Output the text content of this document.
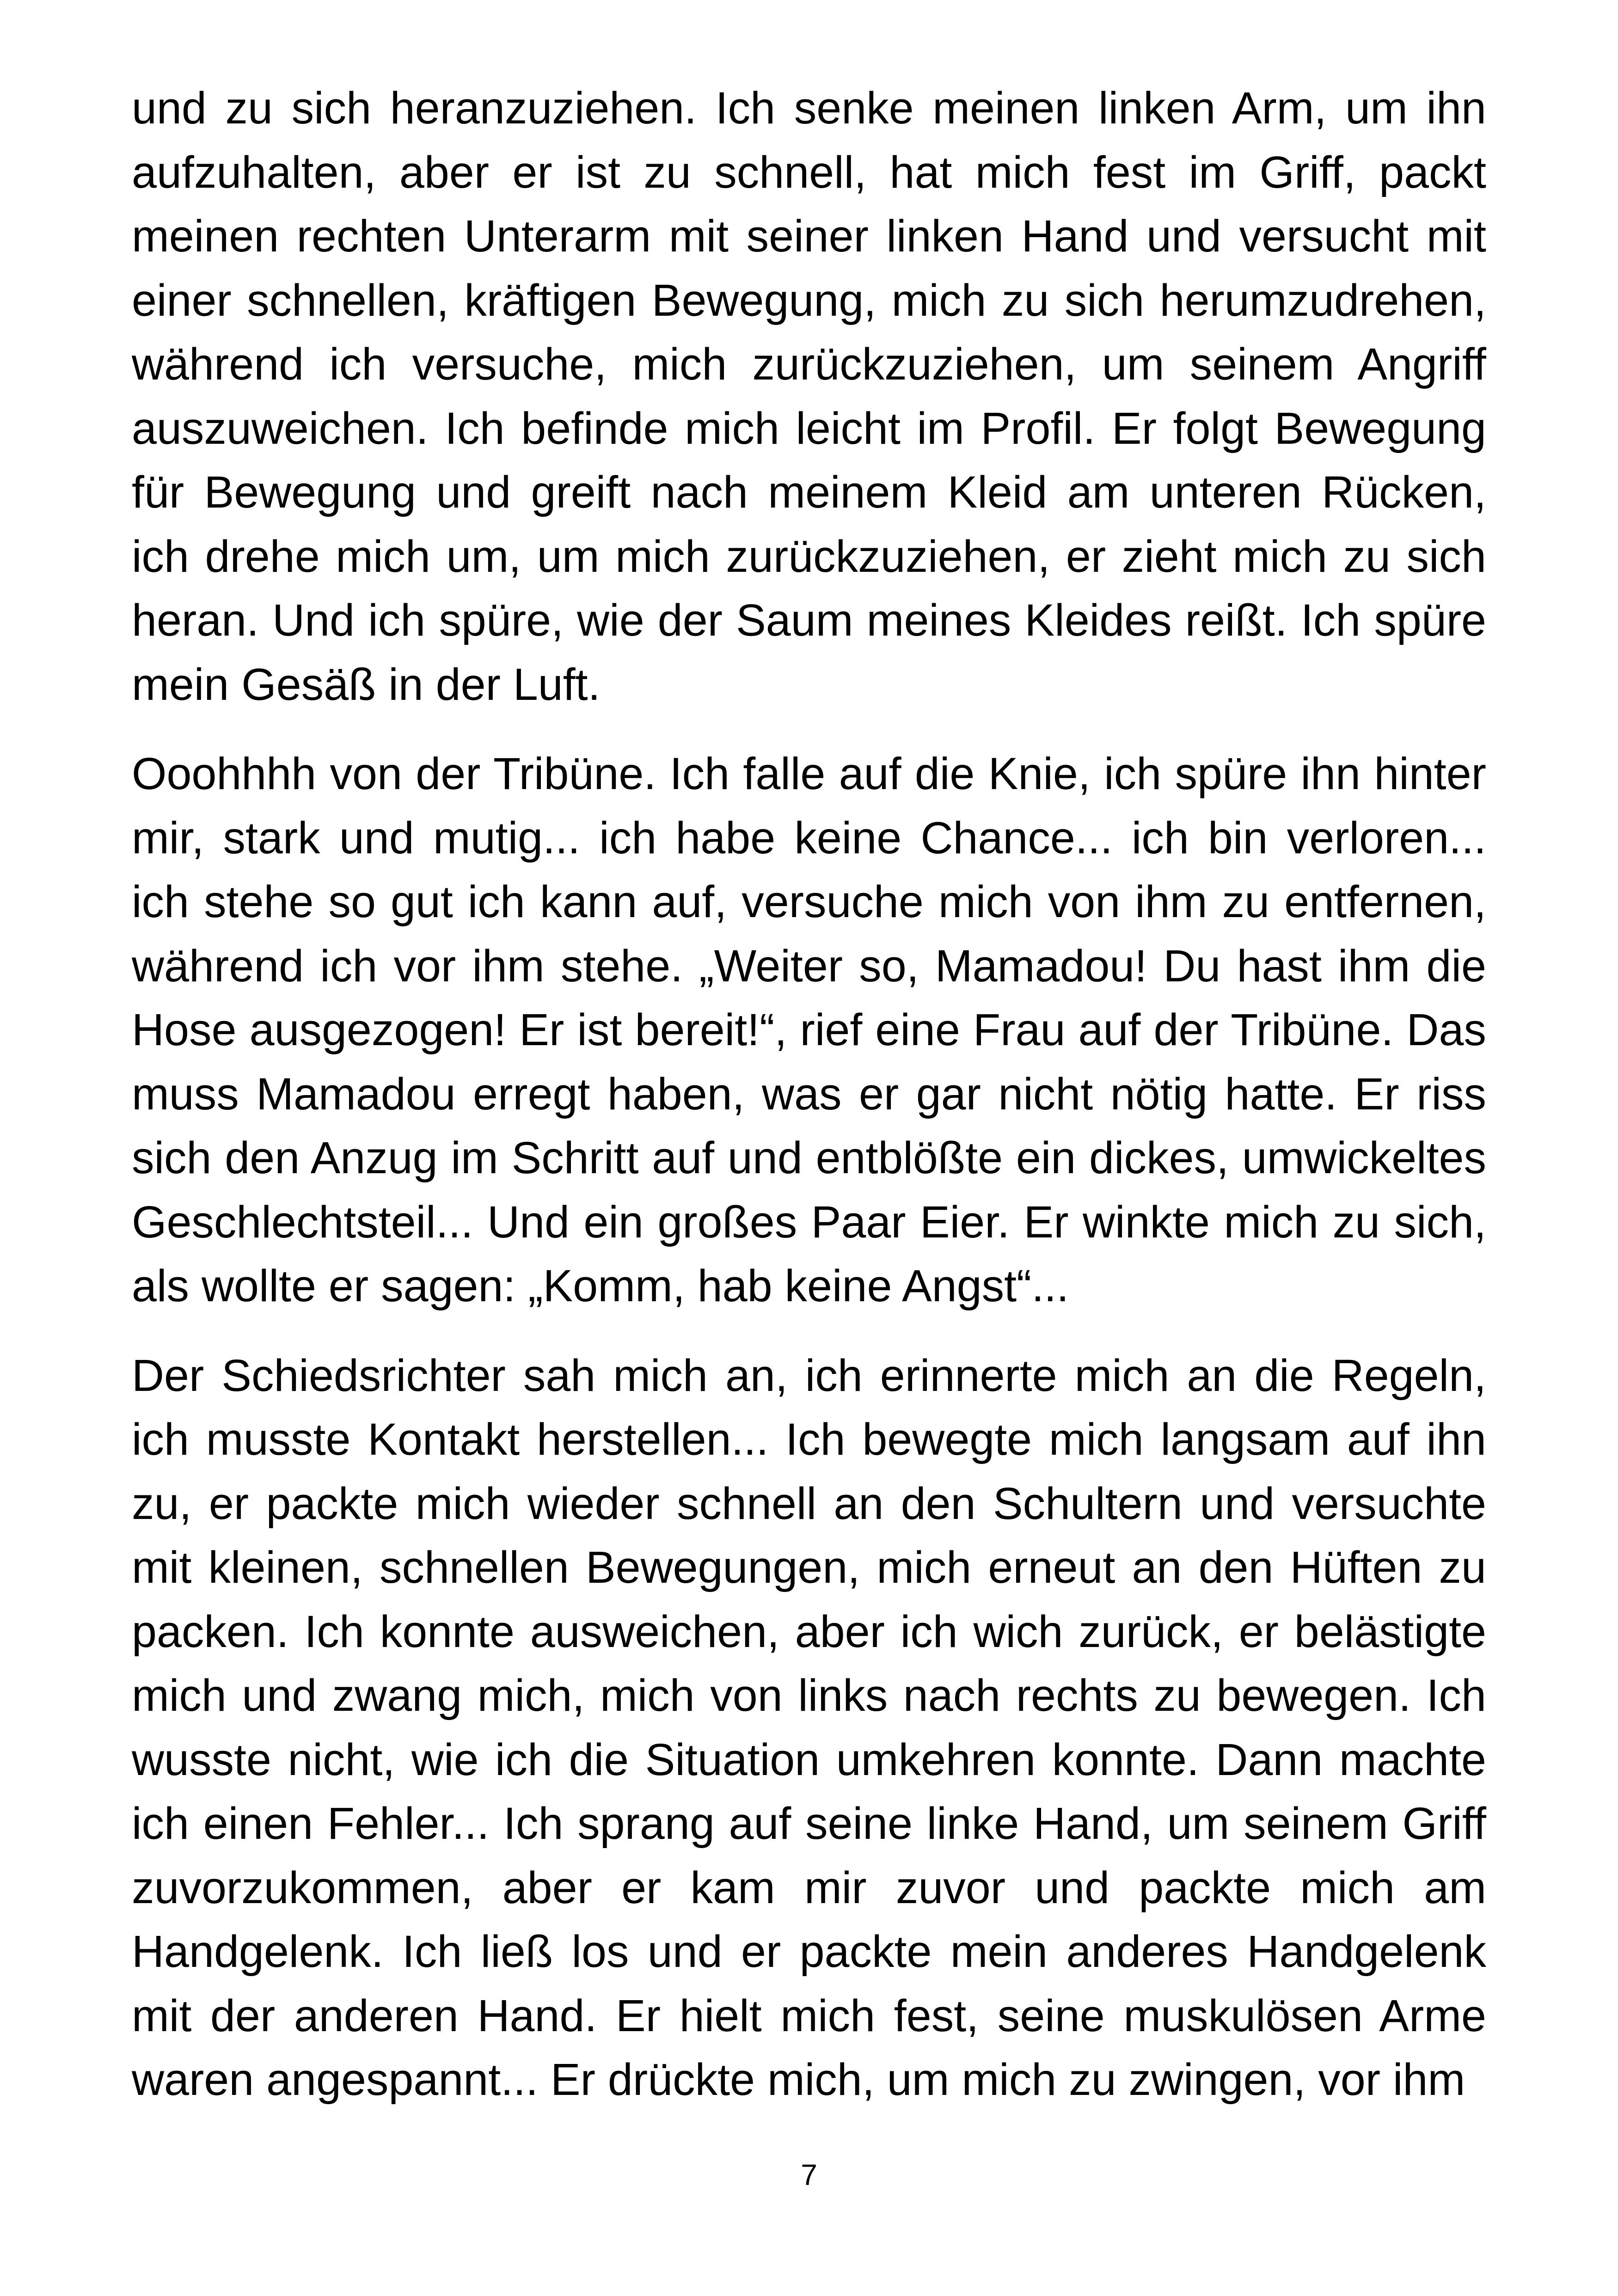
und zu sich heranzuziehen. Ich senke meinen linken Arm, um ihn aufzuhalten, aber er ist zu schnell, hat mich fest im Griff, packt meinen rechten Unterarm mit seiner linken Hand und versucht mit einer schnellen, kräftigen Bewegung, mich zu sich herumzudrehen, während ich versuche, mich zurückzuziehen, um seinem Angriff auszuweichen. Ich befinde mich leicht im Profil. Er folgt Bewegung für Bewegung und greift nach meinem Kleid am unteren Rücken, ich drehe mich um, um mich zurückzuziehen, er zieht mich zu sich heran. Und ich spüre, wie der Saum meines Kleides reißt. Ich spüre mein Gesäß in der Luft.

Ooohhhh von der Tribüne. Ich falle auf die Knie, ich spüre ihn hinter mir, stark und mutig... ich habe keine Chance... ich bin verloren... ich stehe so gut ich kann auf, versuche mich von ihm zu entfernen, während ich vor ihm stehe. „Weiter so, Mamadou! Du hast ihm die Hose ausgezogen! Er ist bereit!“, rief eine Frau auf der Tribüne. Das muss Mamadou erregt haben, was er gar nicht nötig hatte. Er riss sich den Anzug im Schritt auf und entblößte ein dickes, umwickeltes Geschlechtsteil... Und ein großes Paar Eier. Er winkte mich zu sich, als wollte er sagen: „Komm, hab keine Angst“...

Der Schiedsrichter sah mich an, ich erinnerte mich an die Regeln, ich musste Kontakt herstellen... Ich bewegte mich langsam auf ihn zu, er packte mich wieder schnell an den Schultern und versuchte mit kleinen, schnellen Bewegungen, mich erneut an den Hüften zu packen. Ich konnte ausweichen, aber ich wich zurück, er belästigte mich und zwang mich, mich von links nach rechts zu bewegen. Ich wusste nicht, wie ich die Situation umkehren konnte. Dann machte ich einen Fehler... Ich sprang auf seine linke Hand, um seinem Griff zuvorzukommen, aber er kam mir zuvor und packte mich am Handgelenk. Ich ließ los und er packte mein anderes Handgelenk mit der anderen Hand. Er hielt mich fest, seine muskulösen Arme waren angespannt... Er drückte mich, um mich zu zwingen, vor ihm

7
